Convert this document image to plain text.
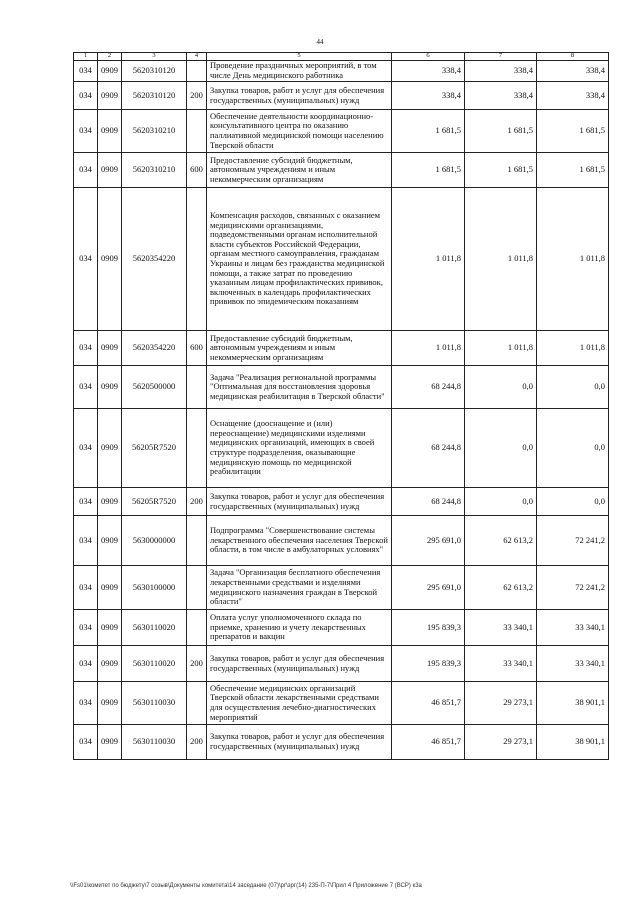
44
1	2	3	4	5	6	7	8
034	0909	5620310120		Проведение праздничных мероприятий, в том числе День медицинского работника	338,4	338,4	338,4
034	0909	5620310120	200	Закупка товаров, работ и услуг для обеспечения государственных (муниципальных) нужд	338,4	338,4	338,4
034	0909	5620310210		Обеспечение деятельности координационно-консультативного центра по оказанию паллиативной медицинской помощи населению Тверской области	1 681,5	1 681,5	1 681,5
034	0909	5620310210	600	Предоставление субсидий бюджетным, автономным учреждениям и иным некоммерческим организациям	1 681,5	1 681,5	1 681,5
034	0909	5620354220		Компенсация расходов, связанных с оказанием медицинскими организациями, подведомственными органам исполнительной власти субъектов Российской Федерации, органам местного самоуправления, гражданам Украины и лицам без гражданства медицинской помощи, а также затрат по проведению указанным лицам профилактических прививок, включенных в календарь профилактических прививок по эпидемическим показаниям	1 011,8	1 011,8	1 011,8
034	0909	5620354220	600	Предоставление субсидий бюджетным, автономным учреждениям и иным некоммерческим организациям	1 011,8	1 011,8	1 011,8
034	0909	5620500000		Задача "Реализация региональной программы "Оптимальная для восстановления здоровья медицинская реабилитация в Тверской области"	68 244,8	0,0	0,0
034	0909	56205R7520		Оснащение (дооснащение и (или) переоснащение) медицинскими изделиями медицинских организаций, имеющих в своей структуре подразделения, оказывающие медицинскую помощь по медицинской реабилитации	68 244,8	0,0	0,0
034	0909	56205R7520	200	Закупка товаров, работ и услуг для обеспечения государственных (муниципальных) нужд	68 244,8	0,0	0,0
034	0909	5630000000		Подпрограмма "Совершенствование системы лекарственного обеспечения населения Тверской области, в том числе в амбулаторных условиях"	295 691,0	62 613,2	72 241,2
034	0909	5630100000		Задача "Организация бесплатного обеспечения лекарственными средствами и изделиями медицинского назначения граждан в Тверской области"	295 691,0	62 613,2	72 241,2
034	0909	5630110020		Оплата услуг уполномоченного склада по приемке, хранению и учету лекарственных препаратов и вакцин	195 839,3	33 340,1	33 340,1
034	0909	5630110020	200	Закупка товаров, работ и услуг для обеспечения государственных (муниципальных) нужд	195 839,3	33 340,1	33 340,1
034	0909	5630110030		Обеспечение медицинских организаций Тверской области лекарственными средствами для осуществления лечебно-диагностических мероприятий	46 851,7	29 273,1	38 901,1
034	0909	5630110030	200	Закупка товаров, работ и услуг для обеспечения государственных (муниципальных) нужд	46 851,7	29 273,1	38 901,1
\\Fs01\комитет по бюджету\7 созыв\Документы комитета\14 заседание (07)\рг\зрг(14) 235-П-7\Прил 4 Приложение 7 (ВСР) к3а
